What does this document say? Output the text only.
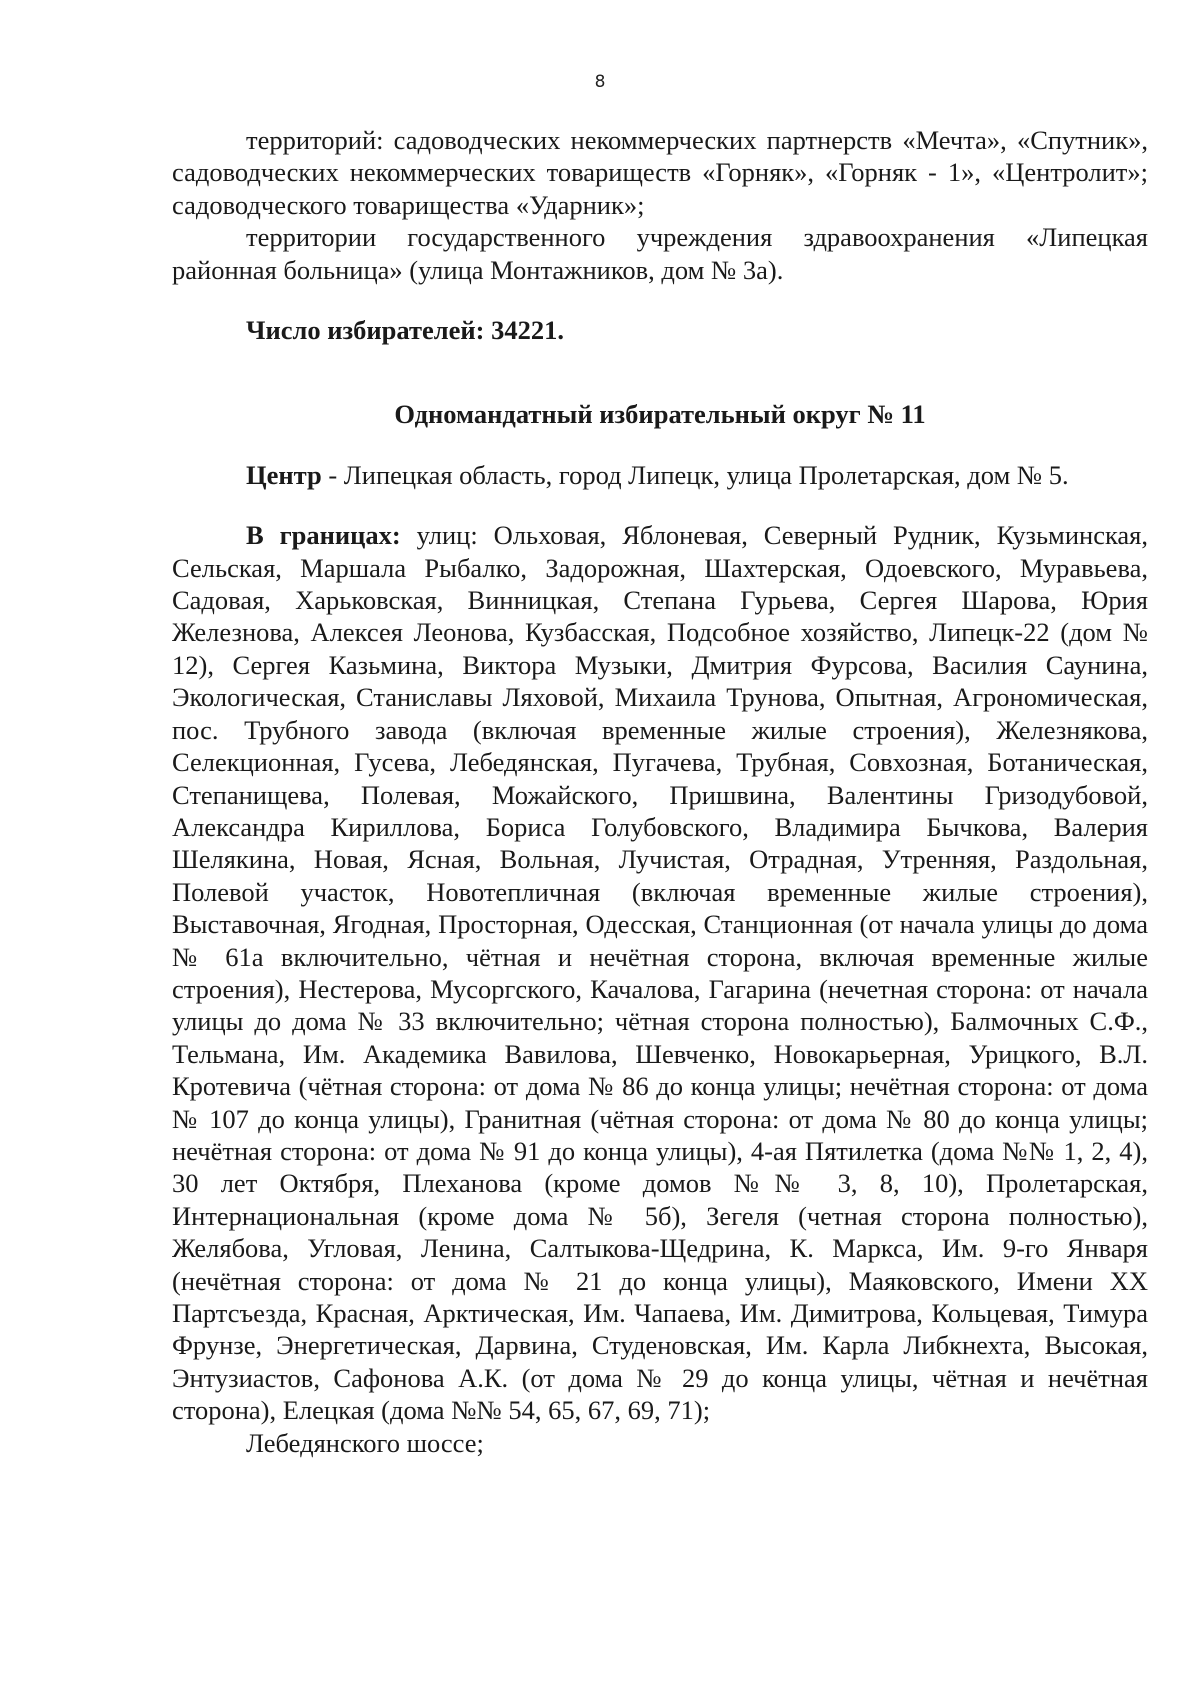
8

территорий: садоводческих некоммерческих партнерств «Мечта», «Спутник», садоводческих некоммерческих товариществ «Горняк», «Горняк - 1», «Центролит»; садоводческого товарищества «Ударник»;

территории государственного учреждения здравоохранения «Липецкая районная больница» (улица Монтажников, дом № 3а).

Число избирателей: 34221.

Одномандатный избирательный округ № 11

Центр - Липецкая область, город Липецк, улица Пролетарская, дом № 5.

В границах: улиц: Ольховая, Яблоневая, Северный Рудник, Кузьминская, Сельская, Маршала Рыбалко, Задорожная, Шахтерская, Одоевского, Муравьева, Садовая, Харьковская, Винницкая, Степана Гурьева, Сергея Шарова, Юрия Железнова, Алексея Леонова, Кузбасская, Подсобное хозяйство, Липецк-22 (дом № 12), Сергея Казьмина, Виктора Музыки, Дмитрия Фурсова, Василия Саунина, Экологическая, Станиславы Ляховой, Михаила Трунова, Опытная, Агрономическая, пос. Трубного завода (включая временные жилые строения), Железнякова, Селекционная, Гусева, Лебедянская, Пугачева, Трубная, Совхозная, Ботаническая, Степанищева, Полевая, Можайского, Пришвина, Валентины Гризодубовой, Александра Кириллова, Бориса Голубовского, Владимира Бычкова, Валерия Шелякина, Новая, Ясная, Вольная, Лучистая, Отрадная, Утренняя, Раздольная, Полевой участок, Новотепличная (включая временные жилые строения), Выставочная, Ягодная, Просторная, Одесская, Станционная (от начала улицы до дома № 61а включительно, чётная и нечётная сторона, включая временные жилые строения), Нестерова, Мусоргского, Качалова, Гагарина (нечетная сторона: от начала улицы до дома № 33 включительно; чётная сторона полностью), Балмочных С.Ф., Тельмана, Им. Академика Вавилова, Шевченко, Новокарьерная, Урицкого, В.Л. Кротевича (чётная сторона: от дома № 86 до конца улицы; нечётная сторона: от дома № 107 до конца улицы), Гранитная (чётная сторона: от дома № 80 до конца улицы; нечётная сторона: от дома № 91 до конца улицы), 4-ая Пятилетка (дома №№ 1, 2, 4), 30 лет Октября, Плеханова (кроме домов №№ 3, 8, 10), Пролетарская, Интернациональная (кроме дома № 5б), Зегеля (четная сторона полностью), Желябова, Угловая, Ленина, Салтыкова-Щедрина, К. Маркса, Им. 9-го Января (нечётная сторона: от дома № 21 до конца улицы), Маяковского, Имени XX Партсъезда, Красная, Арктическая, Им. Чапаева, Им. Димитрова, Кольцевая, Тимура Фрунзе, Энергетическая, Дарвина, Студеновская, Им. Карла Либкнехта, Высокая, Энтузиастов, Сафонова А.К. (от дома № 29 до конца улицы, чётная и нечётная сторона), Елецкая (дома №№ 54, 65, 67, 69, 71);

Лебедянского шоссе;
